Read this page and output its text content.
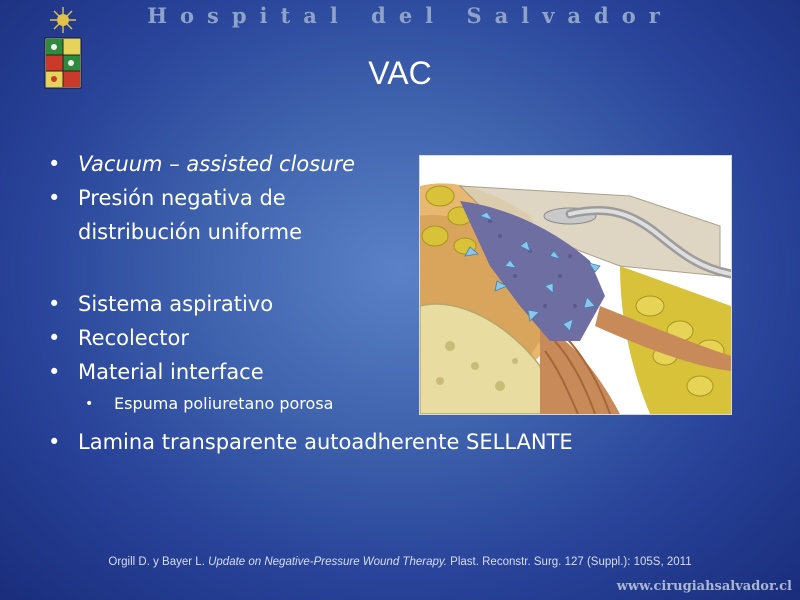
Hospital del Salvador
VAC
• Vacuum – assisted closure
• Presión negativa de distribución uniforme
• Sistema aspirativo
• Recolector
• Material interface
• Espuma poliuretano porosa
• Lamina transparente autoadherente SELLANTE
Orgill D. y Bayer L. Update on Negative-Pressure Wound Therapy. Plast. Reconstr. Surg. 127 (Suppl.): 105S, 2011
www.cirugiahsalvador.cl
